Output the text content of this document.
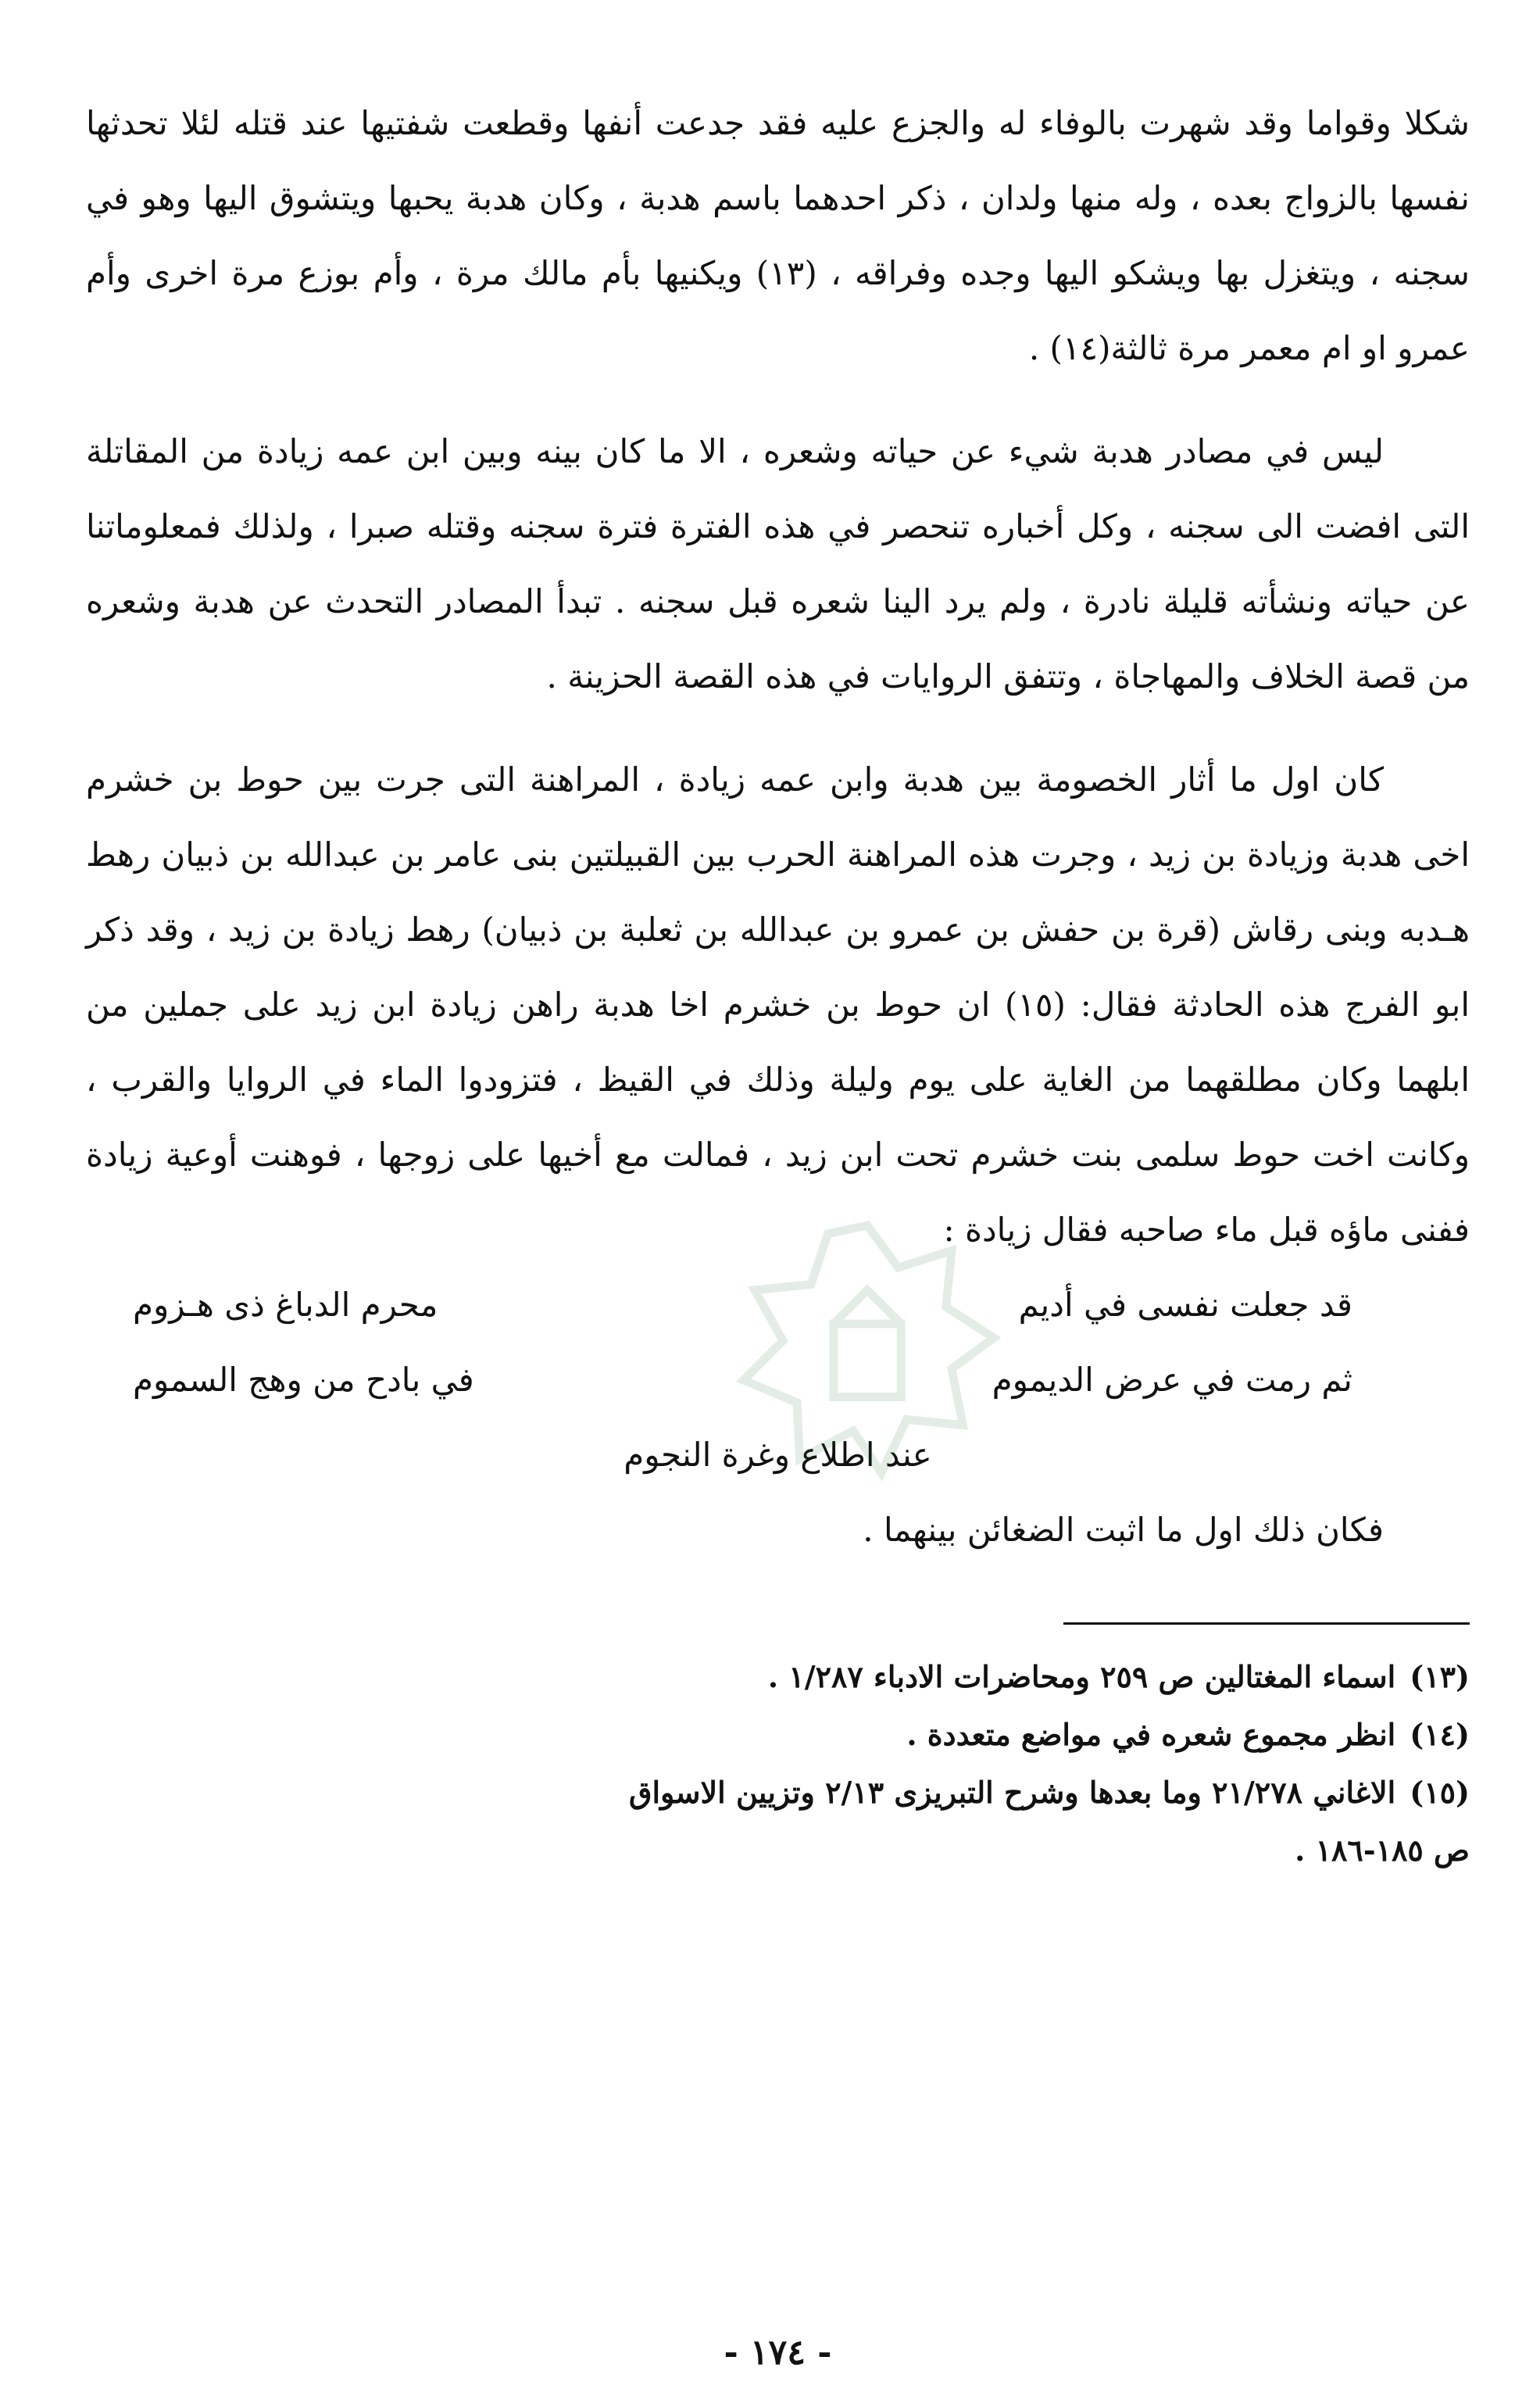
شكلا وقواما وقد شهرت بالوفاء له والجزع عليه فقد جدعت أنفها وقطعت شفتيها عند قتله لئلا تحدثها نفسها بالزواج بعده ، وله منها ولدان ، ذكر احدهما باسم هدبة ، وكان هدبة يحبها ويتشوق اليها وهو في سجنه ، ويتغزل بها ويشكو اليها وجده وفراقه ، (١٣) ويكنيها بأم مالك مرة ، وأم بوزع مرة اخرى وأم عمرو او ام معمر مرة ثالثة(١٤) .

ليس في مصادر هدبة شيء عن حياته وشعره ، الا ما كان بينه وبين ابن عمه زيادة من المقاتلة التى افضت الى سجنه ، وكل أخباره تنحصر في هذه الفترة فترة سجنه وقتله صبرا ، ولذلك فمعلوماتنا عن حياته ونشأته قليلة نادرة ، ولم يرد الينا شعره قبل سجنه . تبدأ المصادر التحدث عن هدبة وشعره من قصة الخلاف والمهاجاة ، وتتفق الروايات في هذه القصة الحزينة .

كان اول ما أثار الخصومة بين هدبة وابن عمه زيادة ، المراهنة التى جرت بين حوط بن خشرم اخى هدبة وزيادة بن زيد ، وجرت هذه المراهنة الحرب بين القبيلتين بنى عامر بن عبدالله بن ذبيان رهط هـدبه وبنى رقاش (قرة بن حفش بن عمرو بن عبدالله بن ثعلبة بن ذبيان) رهط زيادة بن زيد ، وقد ذكر ابو الفرج هذه الحادثة فقال: (١٥) ان حوط بن خشرم اخا هدبة راهن زيادة ابن زيد على جملين من ابلهما وكان مطلقهما من الغاية على يوم وليلة وذلك في القيظ ، فتزودوا الماء في الروايا والقرب ، وكانت اخت حوط سلمى بنت خشرم تحت ابن زيد ، فمالت مع أخيها على زوجها ، فوهنت أوعية زيادة ففنى ماؤه قبل ماء صاحبه فقال زيادة :

قد جعلت نفسى في أديم
محرم الدباغ ذى هـزوم
ثم رمت في عرض الديموم
في بادح من وهج السموم
عند اطلاع وغرة النجوم

فكان ذلك اول ما اثبت الضغائن بينهما .

(١٣)اسماء المغتالين ص ٢٥٩ ومحاضرات الادباء ١/٢٨٧ .

(١٤)انظر مجموع شعره في مواضع متعددة .

(١٥)الاغاني ٢١/٢٧٨ وما بعدها وشرح التبريزى ٢/١٣ وتزيين الاسواق

ص ١٨٥-١٨٦ .

- ١٧٤ -
